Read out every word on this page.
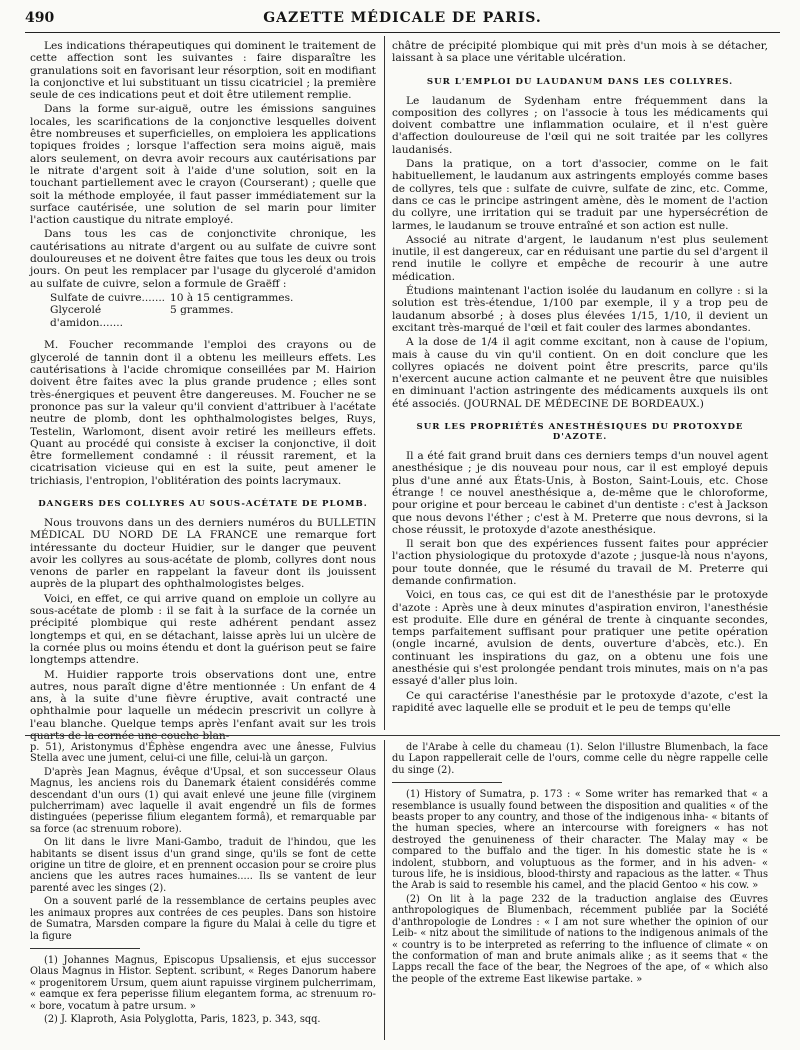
490	GAZETTE MÉDICALE DE PARIS.

Les indications thérapeutiques qui dominent le traitement de cette affection sont les suivantes : faire disparaître les granulations soit en favorisant leur résorption, soit en modifiant la conjonctive et lui substituant un tissu cicatriciel ; la première seule de ces indications peut et doit être utilement remplie.

Dans la forme sur-aiguë, outre les émissions sanguines locales, les scarifications de la conjonctive lesquelles doivent être nombreuses et superficielles, on emploiera les applications topiques froides ; lorsque l'affection sera moins aiguë, mais alors seulement, on devra avoir recours aux cautérisations par le nitrate d'argent soit à l'aide d'une solution, soit en la touchant partiellement avec le crayon (Courserant) ; quelle que soit la méthode employée, il faut passer immédiatement sur la surface cautérisée, une solution de sel marin pour limiter l'action caustique du nitrate employé.

Dans tous les cas de conjonctivite chronique, les cautérisations au nitrate d'argent ou au sulfate de cuivre sont douloureuses et ne doivent être faites que tous les deux ou trois jours. On peut les remplacer par l'usage du glycerolé d'amidon au sulfate de cuivre, selon a formule de Graëff :

Sulfate de cuivre....... 10 à 15 centigrammes.
Glycerolé d'amidon.......
5 grammes.

M. Foucher recommande l'emploi des crayons ou de glycerolé de tannin dont il a obtenu les meilleurs effets. Les cautérisations à l'acide chromique conseillées par M. Hairion doivent être faites avec la plus grande prudence ; elles sont très-énergiques et peuvent être dangereuses. M. Foucher ne se prononce pas sur la valeur qu'il convient d'attribuer à l'acétate neutre de plomb, dont les ophthalmologistes belges, Ruys, Testelin, Warlomont, disent avoir retiré les meilleurs effets. Quant au procédé qui consiste à exciser la conjonctive, il doit être formellement condamné : il réussit rarement, et la cicatrisation vicieuse qui en est la suite, peut amener le trichiasis, l'entropion, l'oblitération des points lacrymaux.

DANGERS DES COLLYRES AU SOUS-ACÉTATE DE PLOMB.

Nous trouvons dans un des derniers numéros du BULLETIN MÉDICAL DU NORD DE LA FRANCE une remarque fort intéressante du docteur Huidier, sur le danger que peuvent avoir les collyres au sous-acétate de plomb, collyres dont nous venons de parler en rappelant la faveur dont ils jouissent auprès de la plupart des ophthalmologistes belges.

Voici, en effet, ce qui arrive quand on emploie un collyre au sous-acétate de plomb : il se fait à la surface de la cornée un précipité plombique qui reste adhérent pendant assez longtemps et qui, en se détachant, laisse après lui un ulcère de la cornée plus ou moins étendu et dont la guérison peut se faire longtemps attendre.

M. Huidier rapporte trois observations dont une, entre autres, nous paraît digne d'être mentionnée : Un enfant de 4 ans, à la suite d'une fièvre éruptive, avait contracté une ophthalmie pour laquelle un médecin prescrivit un collyre à l'eau blanche. Quelque temps après l'enfant avait sur les trois quarts de la cornée une couche blan-

châtre de précipité plombique qui mit près d'un mois à se détacher, laissant à sa place une véritable ulcération.

SUR L'EMPLOI DU LAUDANUM DANS LES COLLYRES.

Le laudanum de Sydenham entre fréquemment dans la composition des collyres ; on l'associe à tous les médicaments qui doivent combattre une inflammation oculaire, et il n'est guère d'affection douloureuse de l'œil qui ne soit traitée par les collyres laudanisés.

Dans la pratique, on a tort d'associer, comme on le fait habituellement, le laudanum aux astringents employés comme bases de collyres, tels que : sulfate de cuivre, sulfate de zinc, etc. Comme, dans ce cas le principe astringent amène, dès le moment de l'action du collyre, une irritation qui se traduit par une hypersécrétion de larmes, le laudanum se trouve entraîné et son action est nulle.

Associé au nitrate d'argent, le laudanum n'est plus seulement inutile, il est dangereux, car en réduisant une partie du sel d'argent il rend inutile le collyre et empêche de recourir à une autre médication.

Étudions maintenant l'action isolée du laudanum en collyre : si la solution est très-étendue, 1/100 par exemple, il y a trop peu de laudanum absorbé ; à doses plus élevées 1/15, 1/10, il devient un excitant très-marqué de l'œil et fait couler des larmes abondantes.

A la dose de 1/4 il agit comme excitant, non à cause de l'opium, mais à cause du vin qu'il contient. On en doit conclure que les collyres opiacés ne doivent point être prescrits, parce qu'ils n'exercent aucune action calmante et ne peuvent être que nuisibles en diminuant l'action astringente des médicaments auxquels ils ont été associés. (JOURNAL DE MÉDECINE DE BORDEAUX.)

SUR LES PROPRIÉTÉS ANESTHÉSIQUES DU PROTOXYDE D'AZOTE.

Il a été fait grand bruit dans ces derniers temps d'un nouvel agent anesthésique ; je dis nouveau pour nous, car il est employé depuis plus d'une anné aux États-Unis, à Boston, Saint-Louis, etc. Chose étrange ! ce nouvel anesthésique a, de-même que le chloroforme, pour origine et pour berceau le cabinet d'un dentiste : c'est à Jackson que nous devons l'éther ; c'est à M. Preterre que nous devrons, si la chose réussit, le protoxyde d'azote anesthésique.

Il serait bon que des expériences fussent faites pour apprécier l'action physiologique du protoxyde d'azote ; jusque-là nous n'ayons, pour toute donnée, que le résumé du travail de M. Preterre qui demande confirmation.

Voici, en tous cas, ce qui est dit de l'anesthésie par le protoxyde d'azote : Après une à deux minutes d'aspiration environ, l'anesthésie est produite. Elle dure en général de trente à cinquante secondes, temps parfaitement suffisant pour pratiquer une petite opération (ongle incarné, avulsion de dents, ouverture d'abcès, etc.). En continuant les inspirations du gaz, on a obtenu une fois une anesthésie qui s'est prolongée pendant trois minutes, mais on n'a pas essayé d'aller plus loin.

Ce qui caractérise l'anesthésie par le protoxyde d'azote, c'est la rapidité avec laquelle elle se produit et le peu de temps qu'elle

p. 51), Aristonymus d'Éphèse engendra avec une ânesse, Fulvius Stella avec une jument, celui-ci une fille, celui-là un garçon.

D'après Jean Magnus, évêque d'Upsal, et son successeur Olaus Magnus, les anciens rois du Danemark étaient considérés comme descendant d'un ours (1) qui avait enlevé une jeune fille (virginem pulcherrimam) avec laquelle il avait engendré un fils de formes distinguées (peperisse filium elegantem formâ), et remarquable par sa force (ac strenuum robore).

On lit dans le livre Mani-Gambo, traduit de l'hindou, que les habitants se disent issus d'un grand singe, qu'ils se font de cette origine un titre de gloire, et en prennent occasion pour se croire plus anciens que les autres races humaines..... Ils se vantent de leur parenté avec les singes (2).

On a souvent parlé de la ressemblance de certains peuples avec les animaux propres aux contrées de ces peuples. Dans son histoire de Sumatra, Marsden compare la figure du Malai à celle du tigre et la figure

(1) Johannes Magnus, Episcopus Upsaliensis, et ejus successor Olaus Magnus in Histor. Septent. scribunt, « Reges Danorum habere « progenitorem Ursum, quem aiunt rapuisse virginem pulcherrimam, « eamque ex fera peperisse filium elegantem forma, ac strenuum ro- « bore, vocatum à patre ursum. »

(2) J. Klaproth, Asia Polyglotta, Paris, 1823, p. 343, sqq.

de l'Arabe à celle du chameau (1). Selon l'illustre Blumenbach, la face du Lapon rappellerait celle de l'ours, comme celle du nègre rappelle celle du singe (2).

(1) History of Sumatra, p. 173 : « Some writer has remarked that « a resemblance is usually found between the disposition and qualities « of the beasts proper to any country, and those of the indigenous inha- « bitants of the human species, where an intercourse with foreigners « has not destroyed the genuineness of their character. The Malay may « be compared to the buffalo and the tiger. In his domestic state he is « indolent, stubborn, and voluptuous as the former, and in his adven- « turous life, he is insidious, blood-thirsty and rapacious as the latter. « Thus the Arab is said to resemble his camel, and the placid Gentoo « his cow. »

(2) On lit à la page 232 de la traduction anglaise des Œuvres anthropologiques de Blumenbach, récemment publiée par la Société d'anthropologie de Londres : « I am not sure whether the opinion of our Leib- « nitz about the similitude of nations to the indigenous animals of the « country is to be interpreted as referring to the influence of climate « on the conformation of man and brute animals alike ; as it seems that « the Lapps recall the face of the bear, the Negroes of the ape, of « which also the people of the extreme East likewise partake. »
